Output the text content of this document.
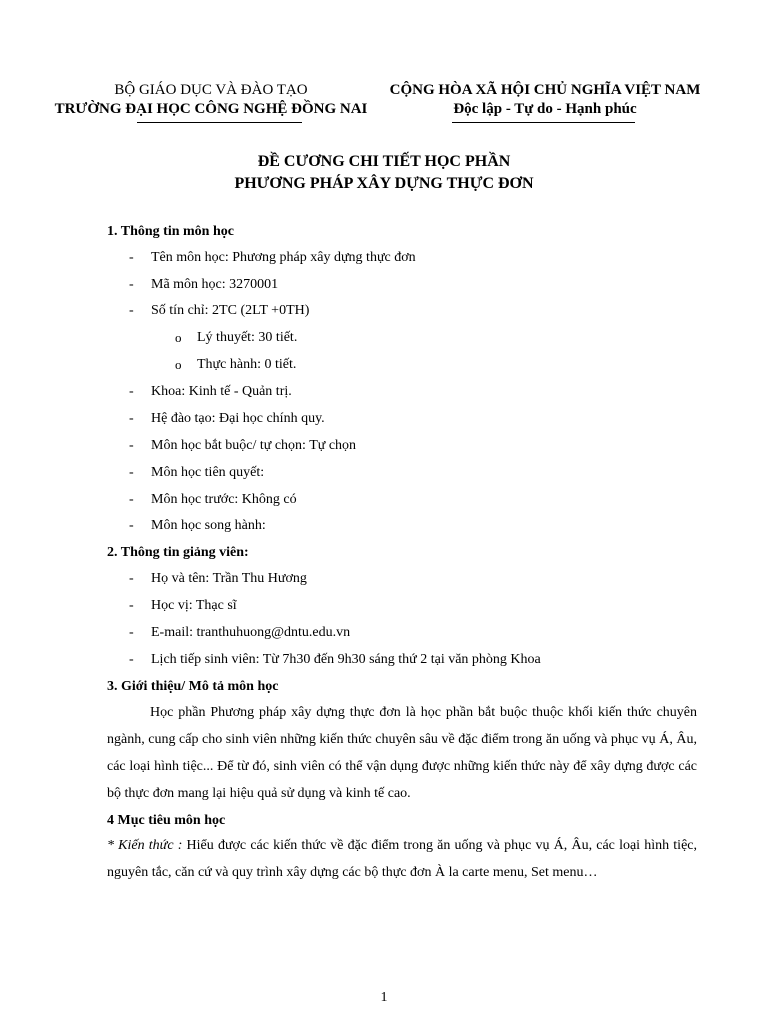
BỘ GIÁO DỤC VÀ ĐÀO TẠO
TRƯỜNG ĐẠI HỌC CÔNG NGHỆ ĐỒNG NAI
CỘNG HÒA XÃ HỘI CHỦ NGHĨA VIỆT NAM
Độc lập - Tự do - Hạnh phúc
ĐỀ CƯƠNG CHI TIẾT HỌC PHẦN
PHƯƠNG PHÁP XÂY DỰNG THỰC ĐƠN
1. Thông tin môn học
- Tên môn học: Phương pháp xây dựng thực đơn
- Mã môn học: 3270001
- Số tín chỉ: 2TC (2LT +0TH)
o Lý thuyết: 30 tiết.
o Thực hành: 0 tiết.
- Khoa: Kinh tế - Quản trị.
- Hệ đào tạo: Đại học chính quy.
- Môn học bắt buộc/ tự chọn: Tự chọn
- Môn học tiên quyết:
- Môn học trước: Không có
- Môn học song hành:
2. Thông tin giảng viên:
- Họ và tên: Trần Thu Hương
- Học vị: Thạc sĩ
- E-mail: tranthuhuong@dntu.edu.vn
- Lịch tiếp sinh viên: Từ 7h30 đến 9h30 sáng thứ 2 tại văn phòng Khoa
3. Giới thiệu/ Mô tả môn học
Học phần Phương pháp xây dựng thực đơn là học phần bắt buộc thuộc khối kiến thức chuyên ngành, cung cấp cho sinh viên những kiến thức chuyên sâu về đặc điểm trong ăn uống và phục vụ Á, Âu, các loại hình tiệc... Để từ đó, sinh viên có thể vận dụng được những kiến thức này để xây dựng được các bộ thực đơn mang lại hiệu quả sử dụng và kinh tế cao.
4 Mục tiêu môn học
* Kiến thức : Hiểu được các kiến thức về đặc điểm trong ăn uống và phục vụ Á, Âu, các loại hình tiệc, nguyên tắc, căn cứ và quy trình xây dựng các bộ thực đơn À la carte menu, Set menu…
1
